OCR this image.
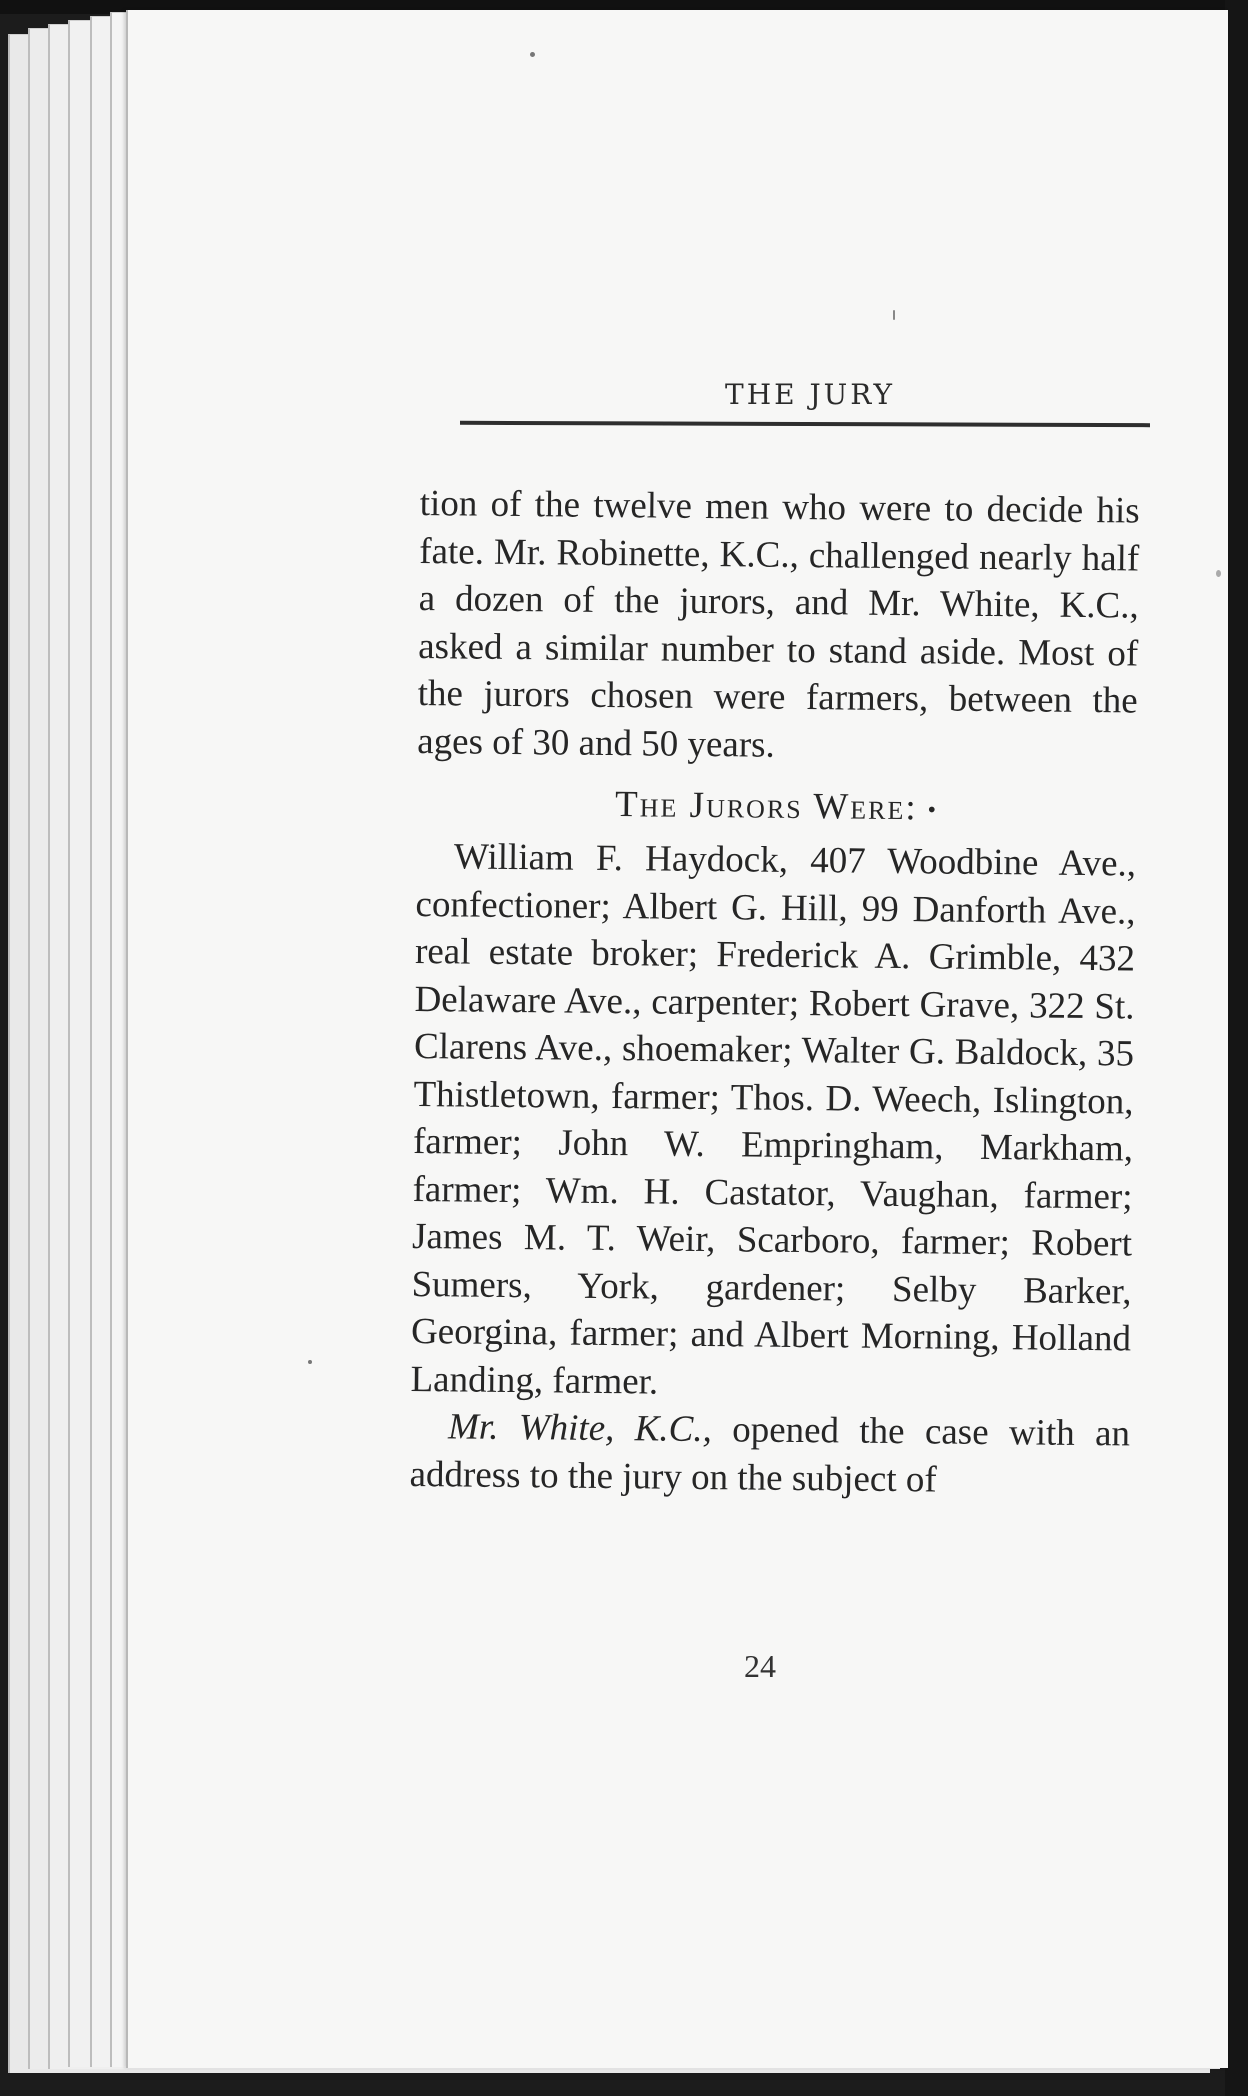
THE JURY

tion of the twelve men who were to decide his fate. Mr. Robinette, K.C., challenged nearly half a dozen of the jurors, and Mr. White, K.C., asked a similar number to stand aside. Most of the jurors chosen were farmers, between the ages of 30 and 50 years.

The Jurors Were: •

William F. Haydock, 407 Woodbine Ave., confectioner; Albert G. Hill, 99 Danforth Ave., real estate broker; Frederick A. Grimble, 432 Delaware Ave., carpenter; Robert Grave, 322 St. Clarens Ave., shoemaker; Walter G. Baldock, 35 Thistletown, farmer; Thos. D. Weech, Islington, farmer; John W. Empringham, Markham, farmer; Wm. H. Castator, Vaughan, farmer; James M. T. Weir, Scarboro, farmer; Robert Sumers, York, gardener; Selby Barker, Georgina, farmer; and Albert Morning, Holland Landing, farmer.

Mr. White, K.C., opened the case with an address to the jury on the subject of

24
